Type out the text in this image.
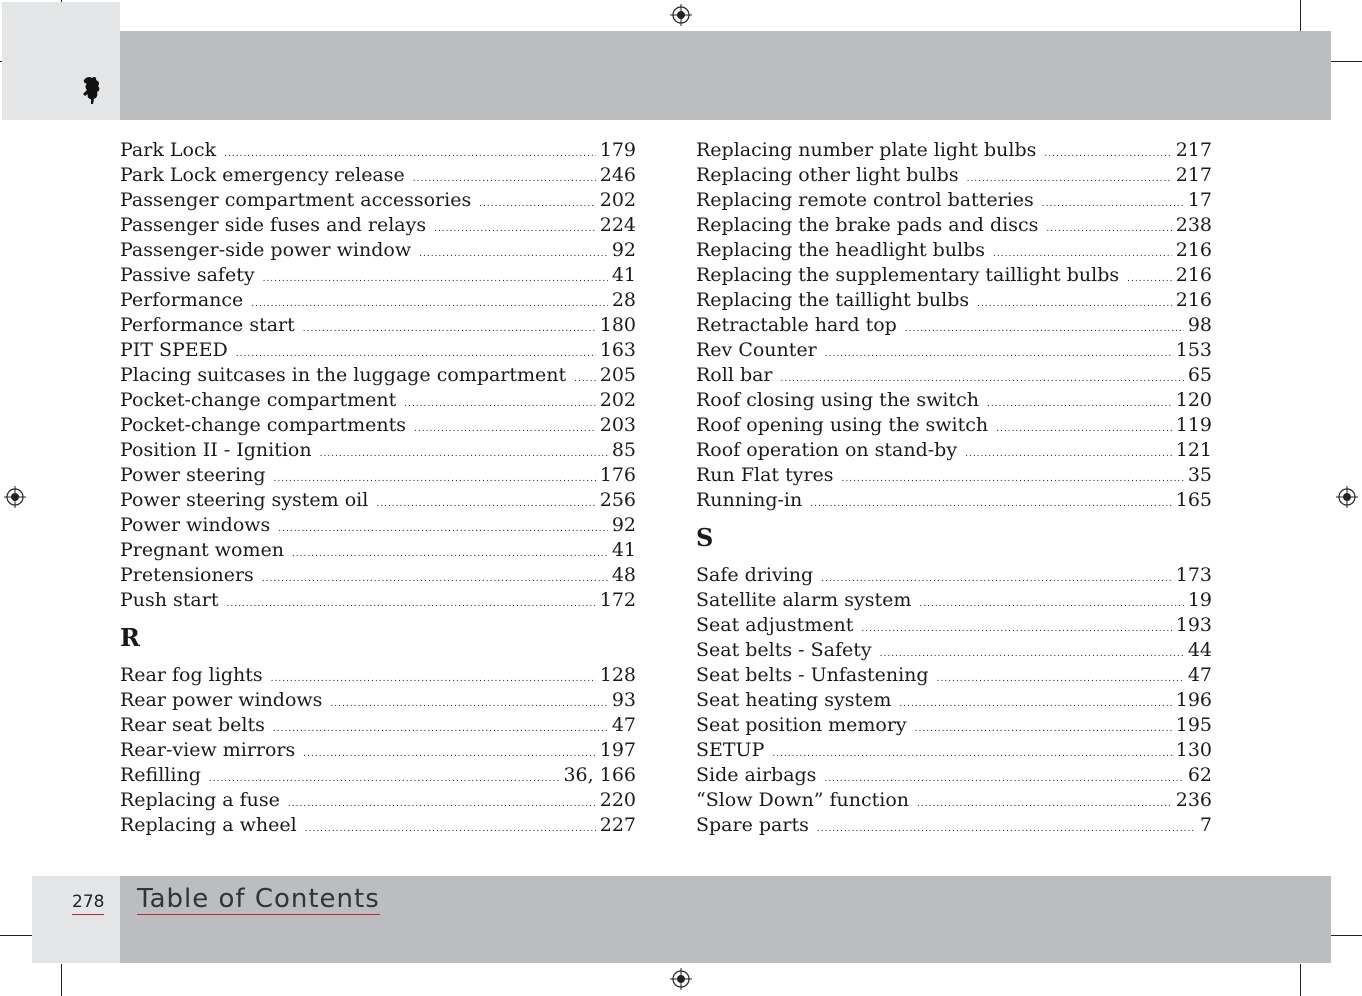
Park Lock .....	179
Park Lock emergency release .....	246
Passenger compartment accessories .....	202
Passenger side fuses and relays .....	224
Passenger-side power window .....	92
Passive safety .....	41
Performance .....	28
Performance start .....	180
PIT SPEED .....	163
Placing suitcases in the luggage compartment ..... 205
Pocket-change compartment .....	202
Pocket-change compartments .....	203
Position II - Ignition .....	85
Power steering .....	176
Power steering system oil .....	256
Power windows .....	92
Pregnant women .....	41
Pretensioners .....	48
Push start .....	172
R
Rear fog lights .....	128
Rear power windows .....	93
Rear seat belts .....	47
Rear-view mirrors .....	197
Refilling .....	36, 166
Replacing a fuse .....	220
Replacing a wheel .....	227
Replacing number plate light bulbs .....	217
Replacing other light bulbs .....	217
Replacing remote control batteries .....	17
Replacing the brake pads and discs .....	238
Replacing the headlight bulbs .....	216
Replacing the supplementary taillight bulbs .....	216
Replacing the taillight bulbs .....	216
Retractable hard top .....	98
Rev Counter .....	153
Roll bar .....	65
Roof closing using the switch .....	120
Roof opening using the switch .....	119
Roof operation on stand-by .....	121
Run Flat tyres .....	35
Running-in .....	165
S
Safe driving .....	173
Satellite alarm system .....	19
Seat adjustment .....	193
Seat belts - Safety .....	44
Seat belts - Unfastening .....	47
Seat heating system .....	196
Seat position memory .....	195
SETUP .....	130
Side airbags .....	62
“Slow Down” function .....	236
Spare parts .....	7
278 Table of Contents
